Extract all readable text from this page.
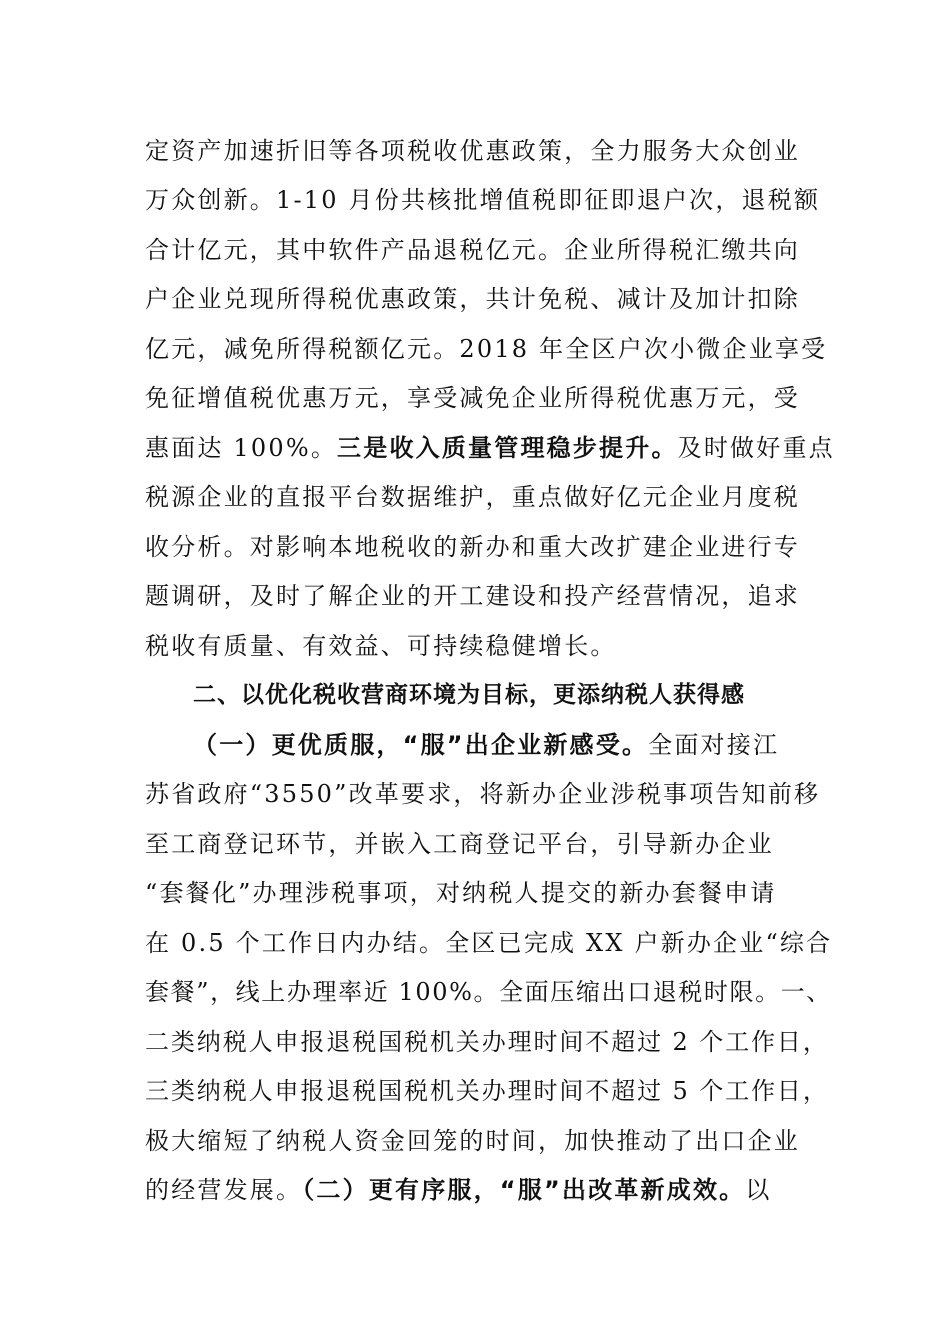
定资产加速折旧等各项税收优惠政策，全力服务大众创业
万众创新。1-10 月份共核批增值税即征即退户次，退税额
合计亿元，其中软件产品退税亿元。企业所得税汇缴共向
户企业兑现所得税优惠政策，共计免税、减计及加计扣除
亿元，减免所得税额亿元。2018 年全区户次小微企业享受
免征增值税优惠万元，享受减免企业所得税优惠万元，受
惠面达 100%。三是收入质量管理稳步提升。及时做好重点
税源企业的直报平台数据维护，重点做好亿元企业月度税
收分析。对影响本地税收的新办和重大改扩建企业进行专
题调研，及时了解企业的开工建设和投产经营情况，追求
税收有质量、有效益、可持续稳健增长。
二、以优化税收营商环境为目标，更添纳税人获得感
（一）更优质服，“服”出企业新感受。全面对接江
苏省政府“3550”改革要求，将新办企业涉税事项告知前移
至工商登记环节，并嵌入工商登记平台，引导新办企业
“套餐化”办理涉税事项，对纳税人提交的新办套餐申请
在 0.5 个工作日内办结。全区已完成 XX 户新办企业“综合
套餐”，线上办理率近 100%。全面压缩出口退税时限。一、
二类纳税人申报退税国税机关办理时间不超过 2 个工作日，
三类纳税人申报退税国税机关办理时间不超过 5 个工作日，
极大缩短了纳税人资金回笼的时间，加快推动了出口企业
的经营发展。（二）更有序服，“服”出改革新成效。以
